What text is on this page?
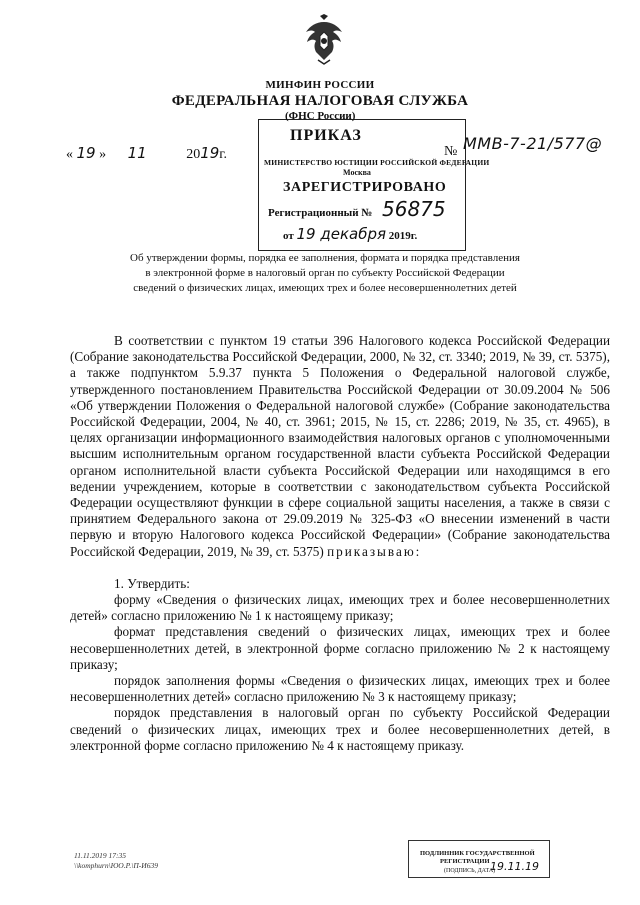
МИНФИН РОССИИ
ФЕДЕРАЛЬНАЯ НАЛОГОВАЯ СЛУЖБА
(ФНС России)
ПРИКАЗ
« 19 » 11	2019г.	№ ММВ-7-21/577@
МИНИСТЕРСТВО ЮСТИЦИИ РОССИЙСКОЙ ФЕДЕРАЦИИ
Москва
ЗАРЕГИСТРИРОВАНО
Регистрационный № 56875
от 19 декабря 2019г.
Об утверждении формы, порядка ее заполнения, формата и порядка представления
в электронной форме в налоговый орган по субъекту Российской Федерации
сведений о физических лицах, имеющих трех и более несовершеннолетних детей

В соответствии с пунктом 19 статьи 396 Налогового кодекса Российской Федерации (Собрание законодательства Российской Федерации, 2000, № 32, ст. 3340; 2019, № 39, ст. 5375), а также подпунктом 5.9.37 пункта 5 Положения о Федеральной налоговой службе, утвержденного постановлением Правительства Российской Федерации от 30.09.2004 № 506 «Об утверждении Положения о Федеральной налоговой службе» (Собрание законодательства Российской Федерации, 2004, № 40, ст. 3961; 2015, № 15, ст. 2286; 2019, № 35, ст. 4965), в целях организации информационного взаимодействия налоговых органов с уполномоченными высшим исполнительным органом государственной власти субъекта Российской Федерации органом исполнительной власти субъекта Российской Федерации или находящимся в его ведении учреждением, которые в соответствии с законодательством субъекта Российской Федерации осуществляют функции в сфере социальной защиты населения, а также в связи с принятием Федерального закона от 29.09.2019 № 325-ФЗ «О внесении изменений в части первую и вторую Налогового кодекса Российской Федерации» (Собрание законодательства Российской Федерации, 2019, № 39, ст. 5375) приказываю:

1. Утвердить:

форму «Сведения о физических лицах, имеющих трех и более несовершеннолетних детей» согласно приложению № 1 к настоящему приказу;

формат представления сведений о физических лицах, имеющих трех и более несовершеннолетних детей, в электронной форме согласно приложению № 2 к настоящему приказу;

порядок заполнения формы «Сведения о физических лицах, имеющих трех и более несовершеннолетних детей» согласно приложению № 3 к настоящему приказу;

порядок представления в налоговый орган по субъекту Российской Федерации сведений о физических лицах, имеющих трех и более несовершеннолетних детей, в электронной форме согласно приложению № 4 к настоящему приказу.

11.11.2019 17:35
\\komphurn\ЮО.Р.\П-И639
ПОДЛИННИК ГОСУДАРСТВЕННОЙ
РЕГИСТРАЦИИ 19.11.19
(ПОДПИСЬ, ДАТА)
